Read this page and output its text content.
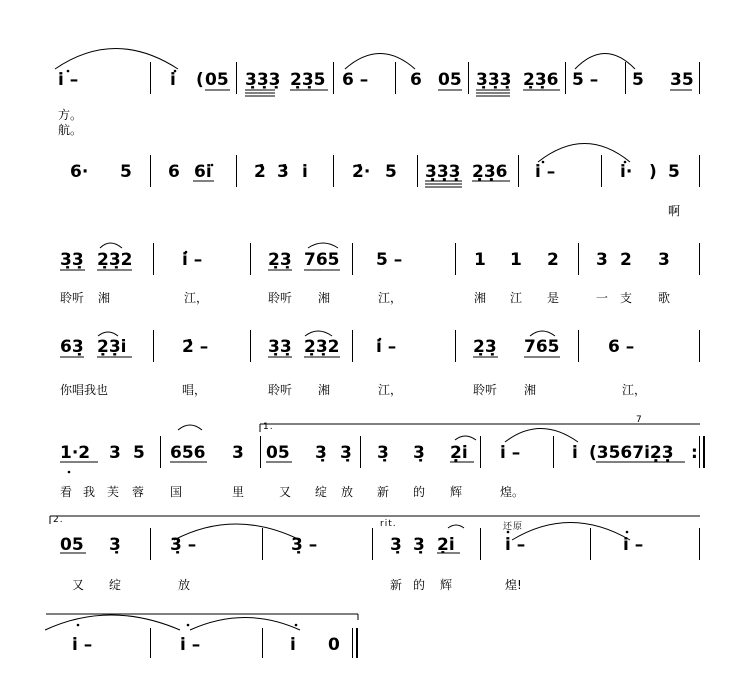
i̇ –	i̇ ( 05 3̣3̣3̣ 2̣3̣5 6 – 6 05 3̣3̣3̣ 2̣3̣6 5 – 5 35
方。
航。
6· 5 6 6i̇ 2̇ 3̇ i̇	2̇· 5 3̣3̣3̣ 2̣3̣6 i̇ –	i̇· ) 5
啊
3̣3̣ 2̣3̣2	i̇ –	2̣3̣ 765 5 –	1 1 2 3 2 3
聆听 湘	江，	聆听 湘	江，	湘 江 是	一 支 歌
63̣ 2̣3̣i	2̇ –	3̣3̣ 2̣3̣2 i̇ –	2̣3̣ 765	6 –
你唱我也	唱，	聆听 湘	江，	聆听 湘	江，
1.
7
1·2 3 5 656 3 05 3̣ 3̣ 3̣ 3̣ 2̣i i̇ –	i̇ (3567i̇2̣3̣ :
看 我 芙 蓉 国	里	又 绽 放 新 的 辉	煌。
2.	rit.	还原
05 3̣	3̣ –	3̣ –	3̣ 3̣ 2̣i	i̇ –	i̇ –
又 绽	放	新 的 辉	煌!
i̇ –	i̇ –	i̇ 0
